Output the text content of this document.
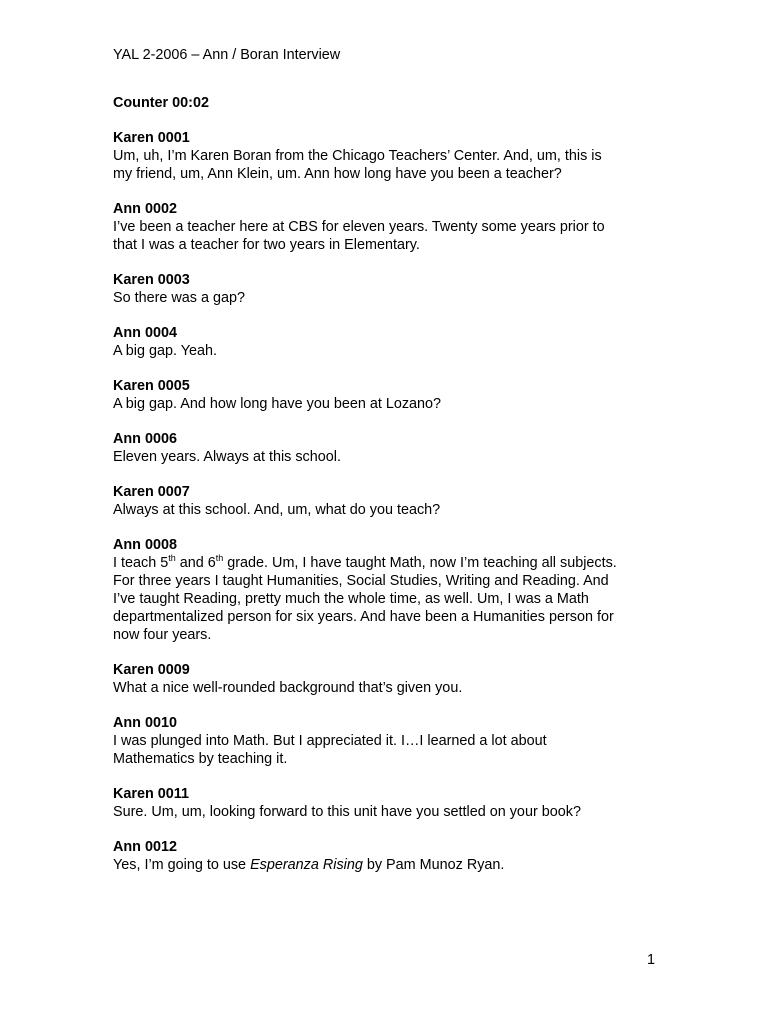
YAL 2-2006 – Ann / Boran Interview
Counter 00:02
Karen 0001
Um, uh, I’m Karen Boran from the Chicago Teachers’ Center. And, um, this is
my friend, um, Ann Klein, um. Ann how long have you been a teacher?
Ann 0002
I’ve been a teacher here at CBS for eleven years. Twenty some years prior to
that I was a teacher for two years in Elementary.
Karen 0003
So there was a gap?
Ann 0004
A big gap. Yeah.
Karen 0005
A big gap. And how long have you been at Lozano?
Ann 0006
Eleven years. Always at this school.
Karen 0007
Always at this school. And, um, what do you teach?
Ann 0008
I teach 5th and 6th grade. Um, I have taught Math, now I’m teaching all subjects.
For three years I taught Humanities, Social Studies, Writing and Reading. And
I’ve taught Reading, pretty much the whole time, as well. Um, I was a Math
departmentalized person for six years. And have been a Humanities person for
now four years.
Karen 0009
What a nice well-rounded background that’s given you.
Ann 0010
I was plunged into Math. But I appreciated it. I…I learned a lot about
Mathematics by teaching it.
Karen 0011
Sure. Um, um, looking forward to this unit have you settled on your book?
Ann 0012
Yes, I’m going to use Esperanza Rising by Pam Munoz Ryan.
1
